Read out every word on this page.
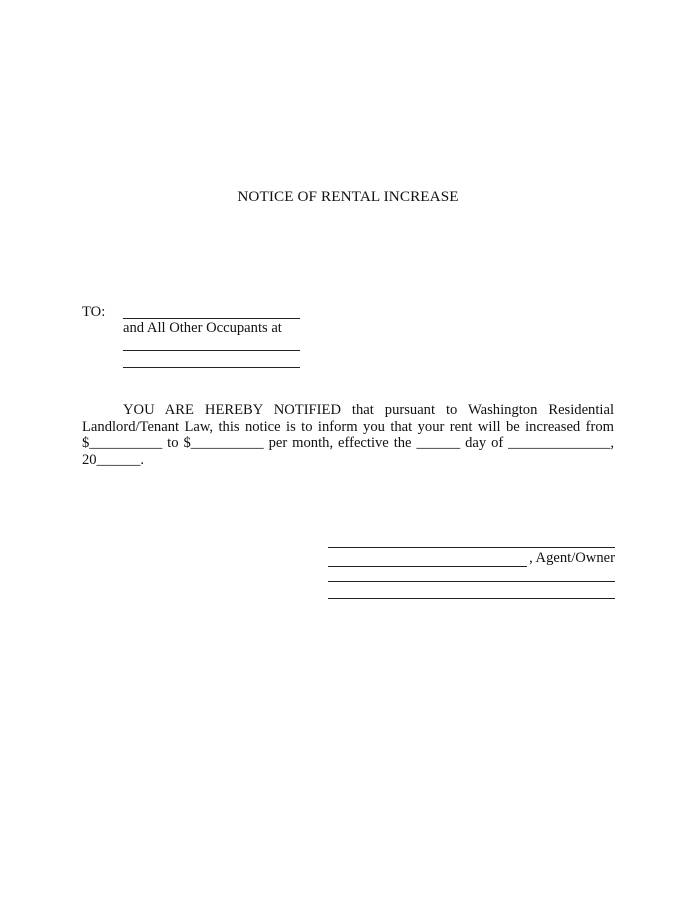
NOTICE OF RENTAL INCREASE
TO:
and All Other Occupants at
YOU ARE HEREBY NOTIFIED that pursuant to Washington Residential
Landlord/Tenant Law, this notice is to inform you that your rent will be increased from
$__________ to $__________ per month, effective the ______ day of ______________,
20______.
, Agent/Owner
